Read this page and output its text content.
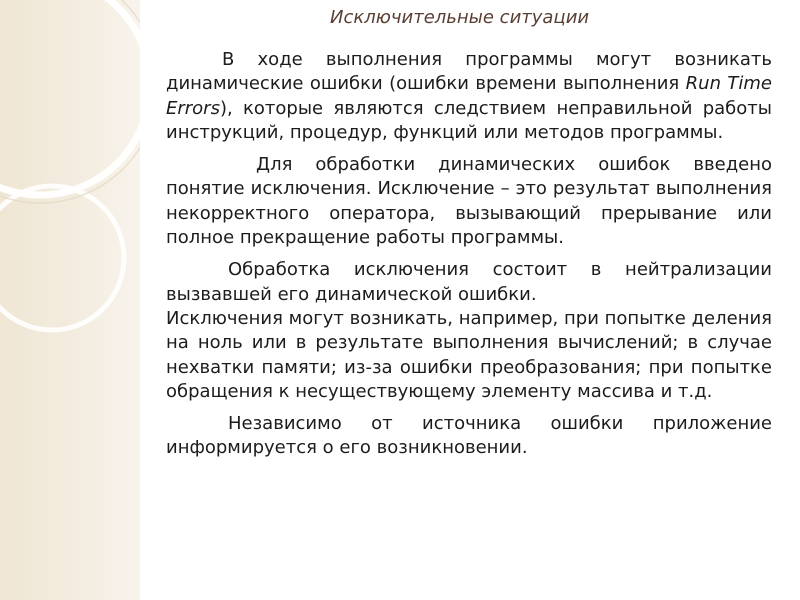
Исключительные ситуации

В ходе выполнения программы могут возникать динамические ошибки (ошибки времени выполнения Run Time Errors), которые являются следствием неправильной работы инструкций, процедур, функций или методов программы.

Для обработки динамических ошибок введено понятие исключения. Исключение – это результат выполнения некорректного оператора, вызывающий прерывание или полное прекращение работы программы.

Обработка исключения состоит в нейтрализации вызвавшей его динамической ошибки.

Исключения могут возникать, например, при попытке деления на ноль или в результате выполнения вычислений; в случае нехватки памяти; из-за ошибки преобразования; при попытке обращения к несуществующему элементу массива и т.д.

Независимо от источника ошибки приложение информируется о его возникновении.
